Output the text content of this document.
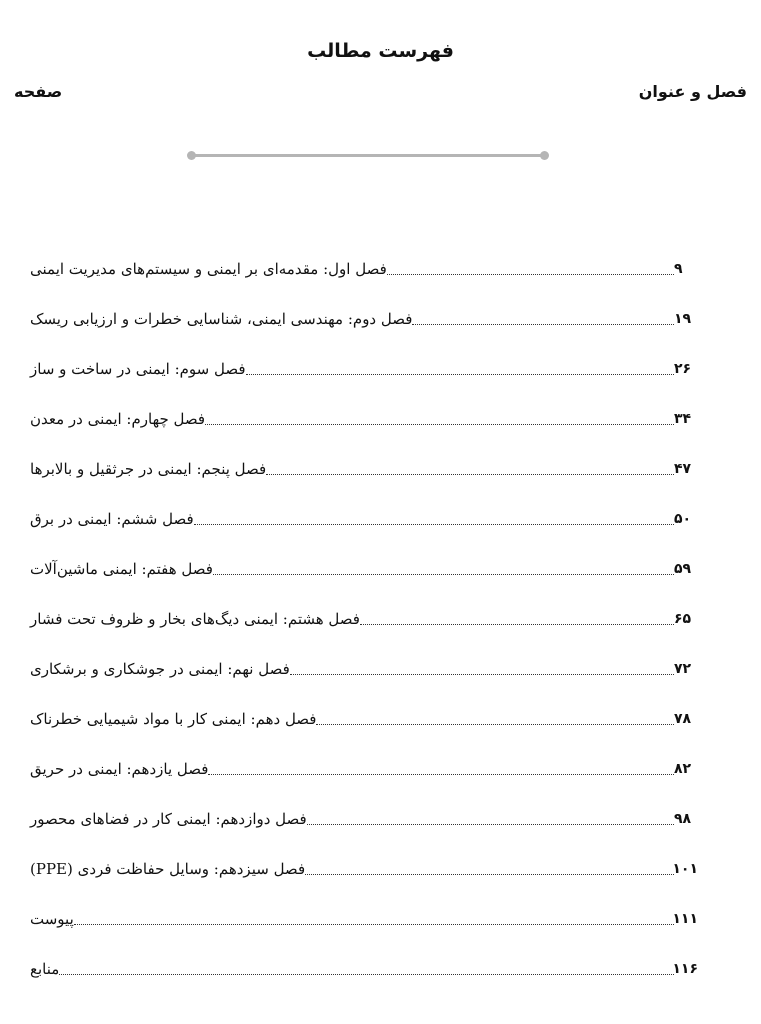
فهرست مطالب
فصل و عنوان
صفحه
فصل اول: مقدمه‌ای بر ایمنی و سیستم‌های مدیریت ایمنی	۹
فصل دوم: مهندسی ایمنی، شناسایی خطرات و ارزیابی ریسک	۱۹
فصل سوم: ایمنی در ساخت و ساز	۲۶
فصل چهارم: ایمنی در معدن	۳۴
فصل پنجم: ایمنی در جرثقیل و بالابرها	۴۷
فصل ششم: ایمنی در برق	۵۰
فصل هفتم: ایمنی ماشین‌آلات	۵۹
فصل هشتم: ایمنی دیگ‌های بخار و ظروف تحت فشار	۶۵
فصل نهم: ایمنی در جوشکاری و برشکاری	۷۲
فصل دهم: ایمنی کار با مواد شیمیایی خطرناک	۷۸
فصل یازدهم: ایمنی در حریق	۸۲
فصل دوازدهم: ایمنی کار در فضاهای محصور	۹۸
فصل سیزدهم: وسایل حفاظت فردی (PPE)	۱۰۱
پیوست	۱۱۱
منابع	۱۱۶
